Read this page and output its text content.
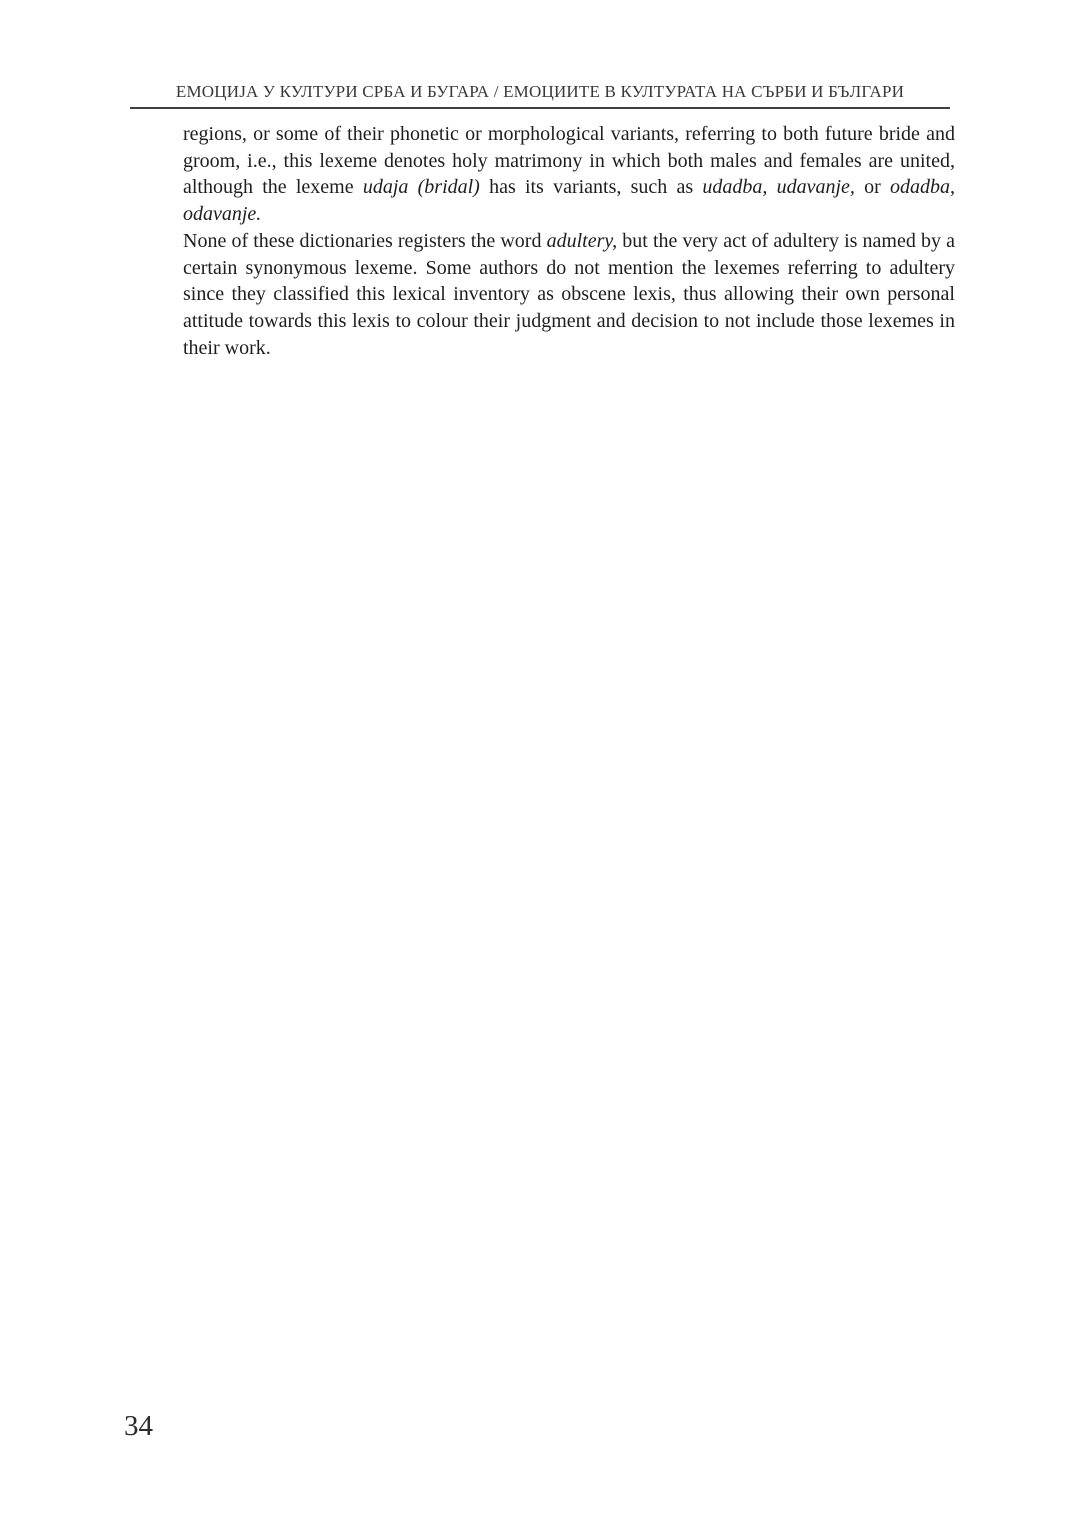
ЕМОЦИЈА У КУЛТУРИ СРБА И БУГАРА / ЕМОЦИИТЕ В КУЛТУРАТА НА СЪРБИ И БЪЛГАРИ

regions, or some of their phonetic or morphological variants, referring to both future bride and groom, i.e., this lexeme denotes holy matrimony in which both males and females are united, although the lexeme udaja (bridal) has its variants, such as udadba, udavanje, or odadba, odavanje.

None of these dictionaries registers the word adultery, but the very act of adultery is named by a certain synonymous lexeme. Some authors do not mention the lexemes referring to adultery since they classified this lexical inventory as obscene lexis, thus allowing their own personal attitude towards this lexis to colour their judgment and decision to not include those lexemes in their work.

34
